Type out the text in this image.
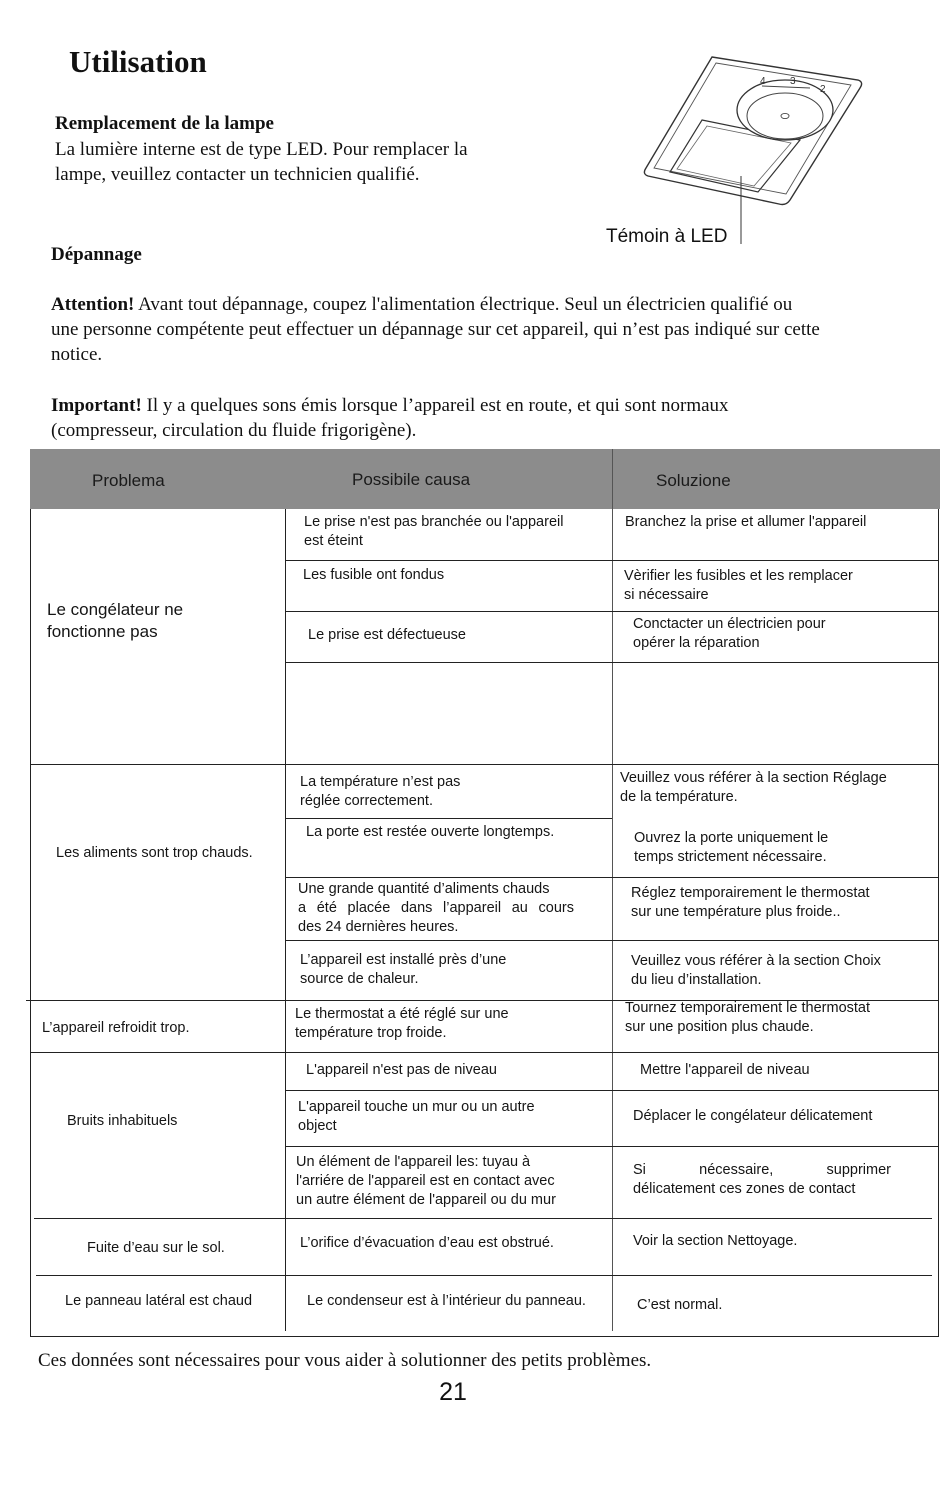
Utilisation
Remplacement de la lampe

La lumière interne est de type LED. Pour remplacer la
lampe, veuillez contacter un technicien qualifié.

4 3
2
Témoin à LED
Dépannage

Attention! Avant tout dépannage, coupez l'alimentation électrique. Seul un électricien qualifié ou
une personne compétente peut effectuer un dépannage sur cet appareil, qui n’est pas indiqué sur cette
notice.

Important! Il y a quelques sons émis lorsque l’appareil est en route, et qui sont normaux
(compresseur, circulation du fluide frigorigène).

Problema	Possibile causa	Soluzione
Le congélateur ne
fonctionne pas
Les aliments sont trop chauds.
L’appareil refroidit trop.
Bruits inhabituels
Fuite d’eau sur le sol.
Le panneau latéral est chaud
Le prise n'est pas branchée ou l'appareil
est éteint
Les fusible ont fondus
Le prise est défectueuse
La température n’est pas
réglée correctement.
La porte est restée ouverte longtemps.
Une grande quantité d’aliments chauds
a été placée dans l’appareil au cours
des 24 dernières heures.
L’appareil est installé près d’une
source de chaleur.
Le thermostat a été réglé sur une
température trop froide.
L'appareil n'est pas de niveau
L'appareil touche un mur ou un autre
object
Un élément de l'appareil les: tuyau à
l'arriére de l'appareil est en contact avec
un autre élément de l'appareil ou du mur
L’orifice d’évacuation d’eau est obstrué.
Le condenseur est à l’intérieur du panneau.
Branchez la prise et allumer l'appareil
Vèrifier les fusibles et les remplacer
si nécessaire
Conctacter un électricien pour
opérer la réparation
Veuillez vous référer à la section Réglage
de la température.
Ouvrez la porte uniquement le
temps strictement nécessaire.
Réglez temporairement le thermostat
sur une température plus froide..
Veuillez vous référer à la section Choix
du lieu d’installation.
Tournez temporairement le thermostat
sur une position plus chaude.
Mettre l'appareil de niveau
Déplacer le congélateur délicatement
Si nécessaire, supprimer
délicatement ces zones de contact
Voir la section Nettoyage.
C’est normal.
Ces données sont nécessaires pour vous aider à solutionner des petits problèmes.
21
